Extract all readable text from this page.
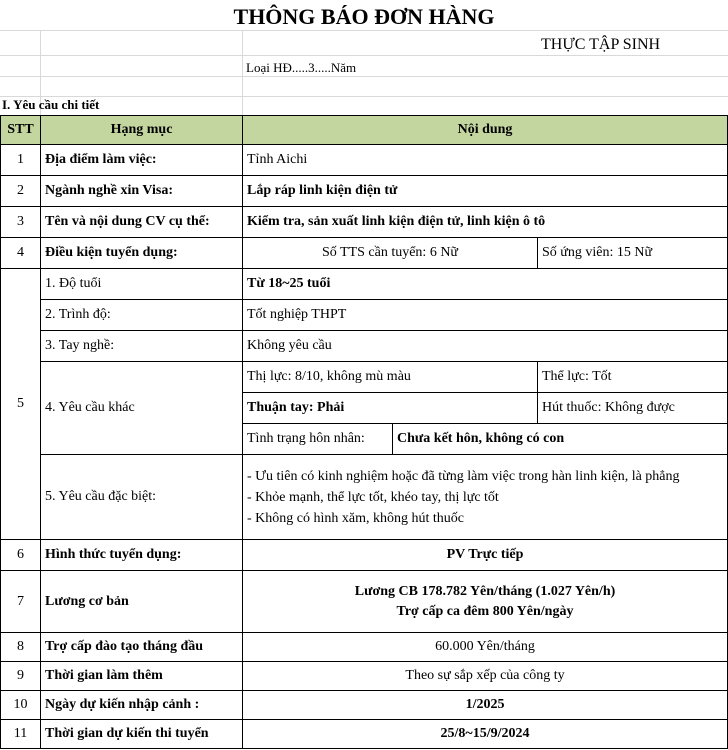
THÔNG BÁO ĐƠN HÀNG
THỰC TẬP SINH
Loại HĐ.....3.....Năm
I. Yêu cầu chi tiết
STT	Hạng mục	Nội dung		
1	Địa điểm làm việc:	Tỉnh Aichi		
2	Ngành nghề xin Visa:	Lắp ráp linh kiện điện tử		
3	Tên và nội dung CV cụ thể:	Kiểm tra, sản xuất linh kiện điện tử, linh kiện ô tô		
4	Điều kiện tuyển dụng:	Số TTS cần tuyển: 6 Nữ		Số ứng viên: 15 Nữ
5	1. Độ tuổi	Từ 18~25 tuổi		
	2. Trình độ:	Tốt nghiệp THPT		
	3. Tay nghề:	Không yêu cầu		
	4. Yêu cầu khác	Thị lực: 8/10, không mù màu		Thể lực: Tốt
		Thuận tay: Phải		Hút thuốc: Không được
		Tình trạng hôn nhân:	Chưa kết hôn, không có con	
	5. Yêu cầu đặc biệt:	- Ưu tiên có kinh nghiệm hoặc đã từng làm việc trong hàn linh kiện, là phẳng
- Khỏe mạnh, thể lực tốt, khéo tay, thị lực tốt
- Không có hình xăm, không hút thuốc		

6	Hình thức tuyển dụng:	PV Trực tiếp		
7	Lương cơ bản	Lương CB 178.782 Yên/tháng (1.027 Yên/h)
Trợ cấp ca đêm 800 Yên/ngày		

8	Trợ cấp đào tạo tháng đầu	60.000 Yên/tháng		
9	Thời gian làm thêm	Theo sự sắp xếp của công ty		
10	Ngày dự kiến nhập cảnh :	1/2025		
11	Thời gian dự kiến thi tuyển	25/8~15/9/2024		
